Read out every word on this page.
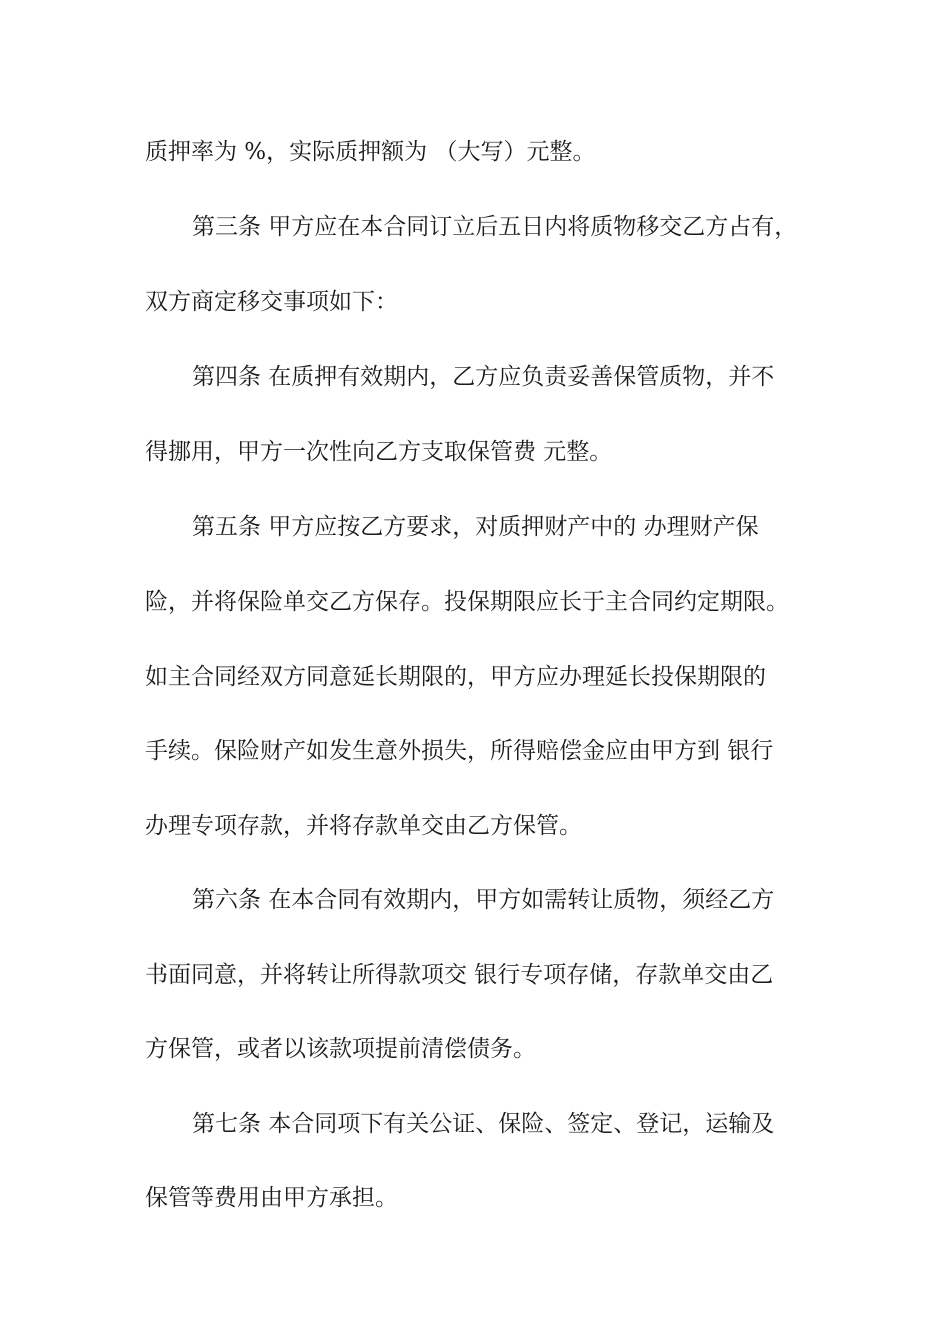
质押率为 %，实际质押额为 （大写）元整。
第三条 甲方应在本合同订立后五日内将质物移交乙方占有，
双方商定移交事项如下：
第四条 在质押有效期内，乙方应负责妥善保管质物，并不
得挪用，甲方一次性向乙方支取保管费 元整。
第五条 甲方应按乙方要求，对质押财产中的 办理财产保
险，并将保险单交乙方保存。投保期限应长于主合同约定期限。
如主合同经双方同意延长期限的，甲方应办理延长投保期限的
手续。保险财产如发生意外损失，所得赔偿金应由甲方到 银行
办理专项存款，并将存款单交由乙方保管。
第六条 在本合同有效期内，甲方如需转让质物，须经乙方
书面同意，并将转让所得款项交 银行专项存储，存款单交由乙
方保管，或者以该款项提前清偿债务。
第七条 本合同项下有关公证、保险、签定、登记，运输及
保管等费用由甲方承担。
